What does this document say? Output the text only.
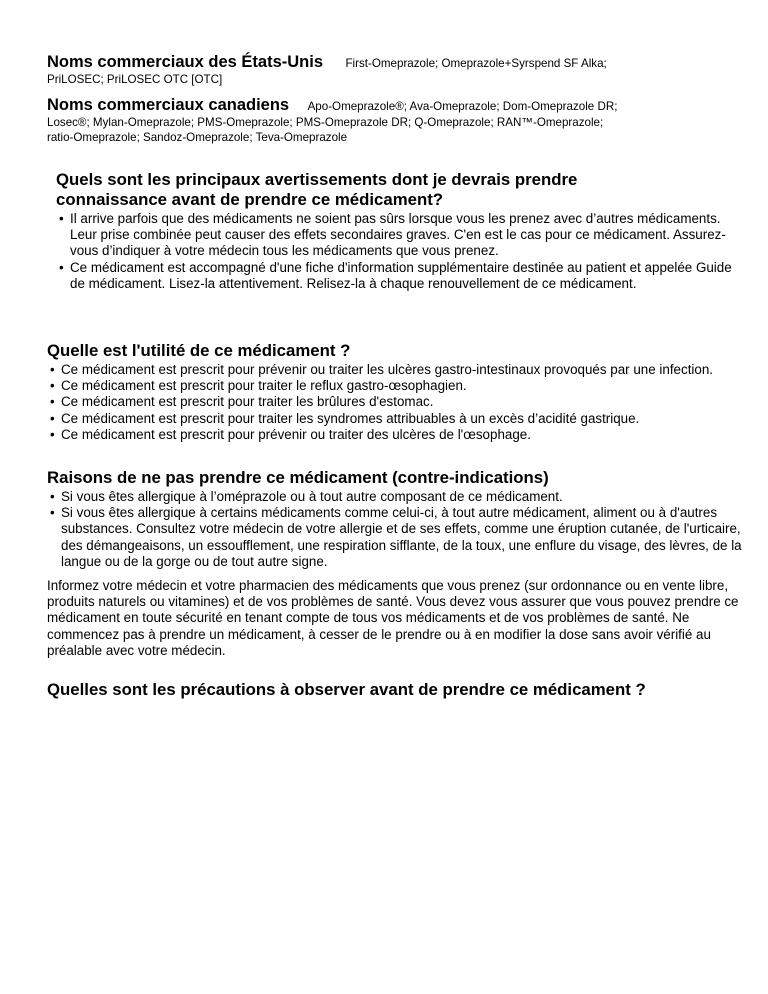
Noms commerciaux des États-Unis First-Omeprazole; Omeprazole+Syrspend SF Alka;
PriLOSEC; PriLOSEC OTC [OTC]
Noms commerciaux canadiens Apo-Omeprazole®; Ava-Omeprazole; Dom-Omeprazole DR;
Losec®; Mylan-Omeprazole; PMS-Omeprazole; PMS-Omeprazole DR; Q-Omeprazole; RAN™-Omeprazole;
ratio-Omeprazole; Sandoz-Omeprazole; Teva-Omeprazole
Quels sont les principaux avertissements dont je devrais prendre connaissance avant de prendre ce médicament?
• Il arrive parfois que des médicaments ne soient pas sûrs lorsque vous les prenez avec d’autres médicaments. Leur prise combinée peut causer des effets secondaires graves. C'en est le cas pour ce médicament. Assurez-vous d’indiquer à votre médecin tous les médicaments que vous prenez.
• Ce médicament est accompagné d'une fiche d'information supplémentaire destinée au patient et appelée Guide de médicament. Lisez-la attentivement. Relisez-la à chaque renouvellement de ce médicament.
Quelle est l'utilité de ce médicament ?
• Ce médicament est prescrit pour prévenir ou traiter les ulcères gastro-intestinaux provoqués par une infection.
• Ce médicament est prescrit pour traiter le reflux gastro-œsophagien.
• Ce médicament est prescrit pour traiter les brûlures d'estomac.
• Ce médicament est prescrit pour traiter les syndromes attribuables à un excès d’acidité gastrique.
• Ce médicament est prescrit pour prévenir ou traiter des ulcères de l'œsophage.
Raisons de ne pas prendre ce médicament (contre-indications)
• Si vous êtes allergique à l’oméprazole ou à tout autre composant de ce médicament.
• Si vous êtes allergique à certains médicaments comme celui-ci, à tout autre médicament, aliment ou à d'autres substances. Consultez votre médecin de votre allergie et de ses effets, comme une éruption cutanée, de l'urticaire, des démangeaisons, un essoufflement, une respiration sifflante, de la toux, une enflure du visage, des lèvres, de la langue ou de la gorge ou de tout autre signe.

Informez votre médecin et votre pharmacien des médicaments que vous prenez (sur ordonnance ou en vente libre, produits naturels ou vitamines) et de vos problèmes de santé. Vous devez vous assurer que vous pouvez prendre ce médicament en toute sécurité en tenant compte de tous vos médicaments et de vos problèmes de santé. Ne commencez pas à prendre un médicament, à cesser de le prendre ou à en modifier la dose sans avoir vérifié au préalable avec votre médecin.

Quelles sont les précautions à observer avant de prendre ce médicament ?
